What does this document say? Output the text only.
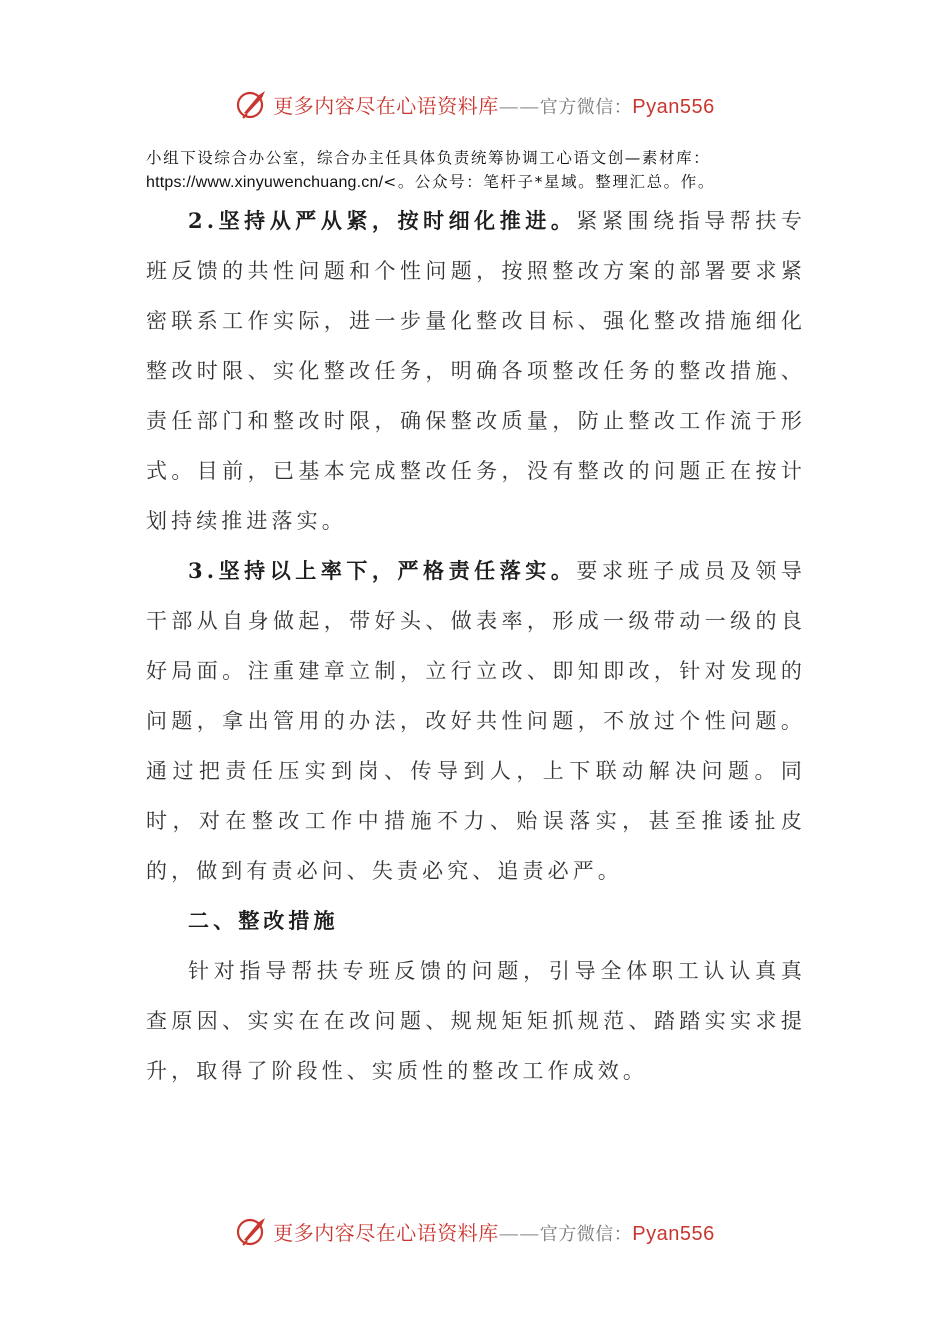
更多内容尽在心语资料库——官方微信：Pyan556
小组下设综合办公室，综合办主任具体负责统筹协调工心语文创—素材库：
https://www.xinyuwenchuang.cn/<。公众号：笔杆子*星域。整理汇总。作。

2.坚持从严从紧，按时细化推进。紧紧围绕指导帮扶专班反馈的共性问题和个性问题，按照整改方案的部署要求紧密联系工作实际，进一步量化整改目标、强化整改措施细化整改时限、实化整改任务，明确各项整改任务的整改措施、责任部门和整改时限，确保整改质量，防止整改工作流于形式。目前，已基本完成整改任务，没有整改的问题正在按计划持续推进落实。

3.坚持以上率下，严格责任落实。要求班子成员及领导干部从自身做起，带好头、做表率，形成一级带动一级的良好局面。注重建章立制，立行立改、即知即改，针对发现的问题，拿出管用的办法，改好共性问题，不放过个性问题。通过把责任压实到岗、传导到人，上下联动解决问题。同时，对在整改工作中措施不力、贻误落实，甚至推诿扯皮的，做到有责必问、失责必究、追责必严。

二、整改措施

针对指导帮扶专班反馈的问题，引导全体职工认认真真查原因、实实在在改问题、规规矩矩抓规范、踏踏实实求提升，取得了阶段性、实质性的整改工作成效。

更多内容尽在心语资料库——官方微信：Pyan556
